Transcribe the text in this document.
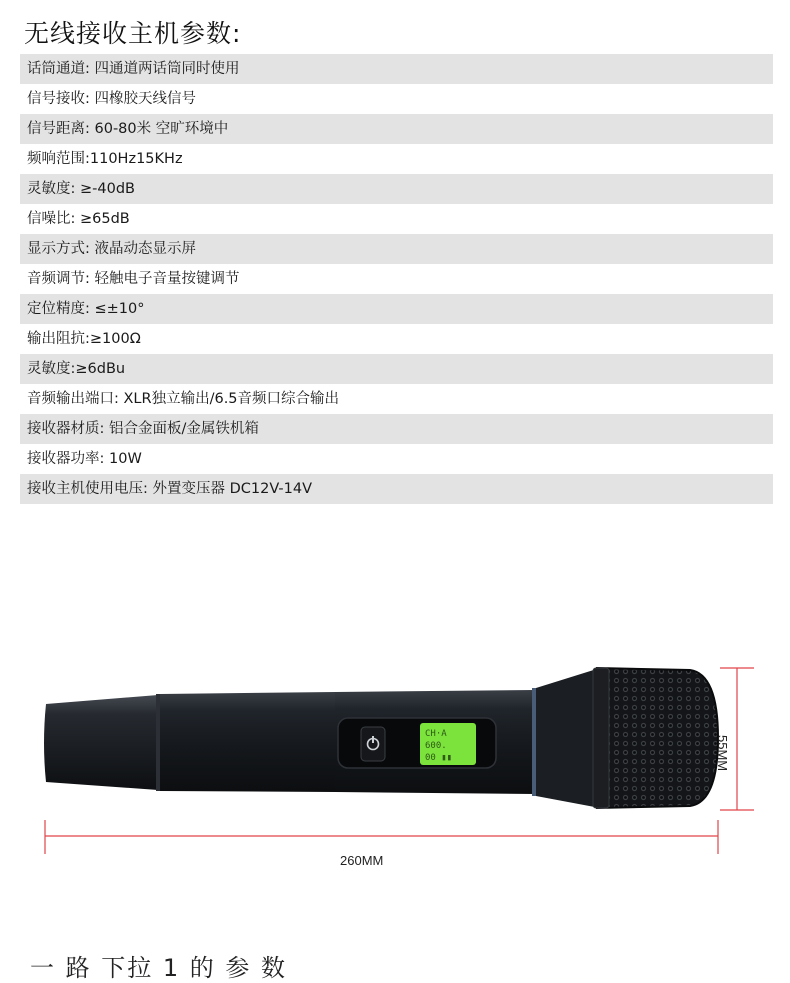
无线接收主机参数:
话筒通道: 四通道两话筒同时使用
信号接收: 四橡胶天线信号
信号距离: 60-80米 空旷环境中
频响范围:110Hz15KHz
灵敏度: ≥-40dB
信噪比: ≥65dB
显示方式: 液晶动态显示屏
音频调节: 轻触电子音量按键调节
定位精度: ≤±10°
输出阻抗:≥100Ω
灵敏度:≥6dBu
音频输出端口: XLR独立输出/6.5音频口综合输出
接收器材质: 铝合金面板/金属铁机箱
接收器功率: 10W
接收主机使用电压: 外置变压器 DC12V-14V
CH·A
600.
00 ▮▮
260MM
55MM
一 路 下拉 1 的 参 数
